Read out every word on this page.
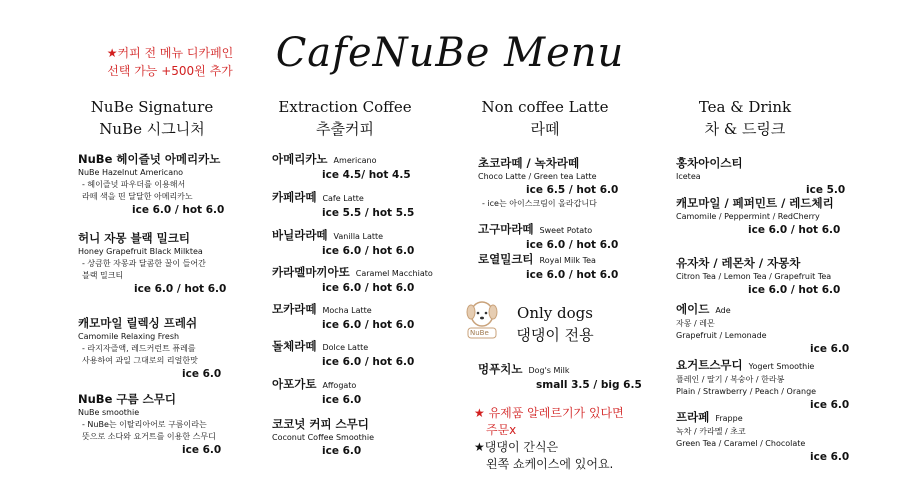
CafeNuBe Menu
★커피 전 메뉴 디카페인
선택 가능 +500원 추가
NuBe Signature
NuBe 시그니처
NuBe 헤이즐넛 아메리카노
NuBe Hazelnut Americano
- 헤이즐넛 파우더를 이용해서
라떼 색을 띤 달달한 아메리카노
ice 6.0 / hot 6.0
허니 자몽 블랙 밀크티
Honey Grapefruit Black Milktea
- 상큼한 자몽과 달콤한 꿀이 들어간
블랙 밀크티
ice 6.0 / hot 6.0
캐모마일 릴렉싱 프레쉬
Camomile Relaxing Fresh
- 라지자즐액, 레드커런트 퓨레를
사용하여 과일 그대로의 리얼한맛
ice 6.0
NuBe 구름 스무디
NuBe smoothie
- NuBe는 이탈리아어로 구름이라는
뜻으로 소다와 요거트를 이용한 스무디
ice 6.0
Extraction Coffee
추출커피
아메리카노 Americano
ice 4.5/ hot 4.5
카페라떼 Cafe Latte
ice 5.5 / hot 5.5
바닐라라떼 Vanilla Latte
ice 6.0 / hot 6.0
카라멜마끼아또 Caramel Macchiato
ice 6.0 / hot 6.0
모카라떼 Mocha Latte
ice 6.0 / hot 6.0
돌체라떼 Dolce Latte
ice 6.0 / hot 6.0
아포가토 Affogato
ice 6.0
코코넛 커피 스무디
Coconut Coffee Smoothie
ice 6.0
Non coffee Latte
라떼
초코라떼 / 녹차라떼
Choco Latte / Green tea Latte
ice 6.5 / hot 6.0
- ice는 아이스크림이 올라갑니다
고구마라떼 Sweet Potato
ice 6.0 / hot 6.0
로열밀크티 Royal Milk Tea
ice 6.0 / hot 6.0
NuBe
Only dogs
댕댕이 전용
멍푸치노 Dog's Milk
small 3.5 / big 6.5
★ 유제품 알레르기가 있다면
주문x
★댕댕이 간식은
왼쪽 쇼케이스에 있어요.
Tea & Drink
차 & 드링크
홍차아이스티
Icetea
ice 5.0
캐모마일 / 페퍼민트 / 레드체리
Camomile / Peppermint / RedCherry
ice 6.0 / hot 6.0
유자차 / 레몬차 / 자몽차
Citron Tea / Lemon Tea / Grapefruit Tea
ice 6.0 / hot 6.0
에이드 Ade
자몽 / 레몬
Grapefruit / Lemonade
ice 6.0
요거트스무디 Yogert Smoothie
플레인 / 딸기 / 복숭아 / 한라봉
Plain / Strawberry / Peach / Orange
ice 6.0
프라페 Frappe
녹차 / 카라멜 / 초코
Green Tea / Caramel / Chocolate
ice 6.0
